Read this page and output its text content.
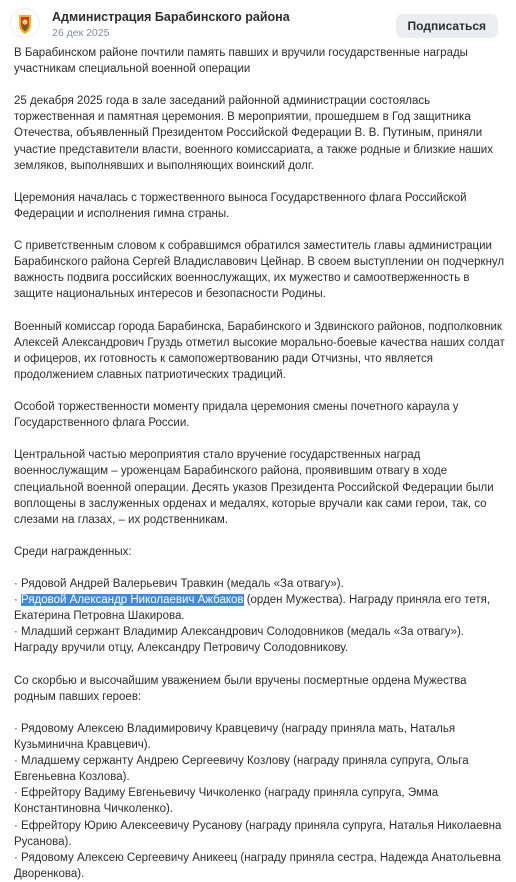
Администрация Барабинского района
26 дек 2025	Подписаться

В Барабинском районе почтили память павших и вручили государственные награды участникам специальной военной операции

25 декабря 2025 года в зале заседаний районной администрации состоялась торжественная и памятная церемония. В мероприятии, прошедшем в Год защитника Отечества, объявленный Президентом Российской Федерации В. В. Путиным, приняли участие представители власти, военного комиссариата, а также родные и близкие наших земляков, выполнявших и выполняющих воинский долг.

Церемония началась с торжественного выноса Государственного флага Российской Федерации и исполнения гимна страны.

С приветственным словом к собравшимся обратился заместитель главы администрации Барабинского района Сергей Владиславович Цейнар. В своем выступлении он подчеркнул важность подвига российских военнослужащих, их мужество и самоотверженность в защите национальных интересов и безопасности Родины.

Военный комиссар города Барабинска, Барабинского и Здвинского районов, подполковник Алексей Александрович Груздь отметил высокие морально-боевые качества наших солдат и офицеров, их готовность к самопожертвованию ради Отчизны, что является продолжением славных патриотических традиций.

Особой торжественности моменту придала церемония смены почетного караула у Государственного флага России.

Центральной частью мероприятия стало вручение государственных наград военнослужащим – уроженцам Барабинского района, проявившим отвагу в ходе специальной военной операции. Десять указов Президента Российской Федерации были воплощены в заслуженных орденах и медалях, которые вручали как сами герои, так, со слезами на глазах, – их родственникам.

Среди награжденных:

· Рядовой Андрей Валерьевич Травкин (медаль «За отвагу»).

· Рядовой Александр Николаевич Ажбаков (орден Мужества). Награду приняла его тетя, Екатерина Петровна Шакирова.

· Младший сержант Владимир Александрович Солодовников (медаль «За отвагу»). Награду вручили отцу, Александру Петровичу Солодовникову.

Со скорбью и высочайшим уважением были вручены посмертные ордена Мужества родным павших героев:

· Рядовому Алексею Владимировичу Кравцевичу (награду приняла мать, Наталья Кузьминична Кравцевич).

· Младшему сержанту Андрею Сергеевичу Козлову (награду приняла супруга, Ольга Евгеньевна Козлова).

· Ефрейтору Вадиму Евгеньевичу Чичколенко (награду приняла супруга, Эмма Константиновна Чичколенко).

· Ефрейтору Юрию Алексеевичу Русанову (награду приняла супруга, Наталья Николаевна Русанова).

· Рядовому Алексею Сергеевичу Аникеец (награду приняла сестра, Надежда Анатольевна Дворенкова).
